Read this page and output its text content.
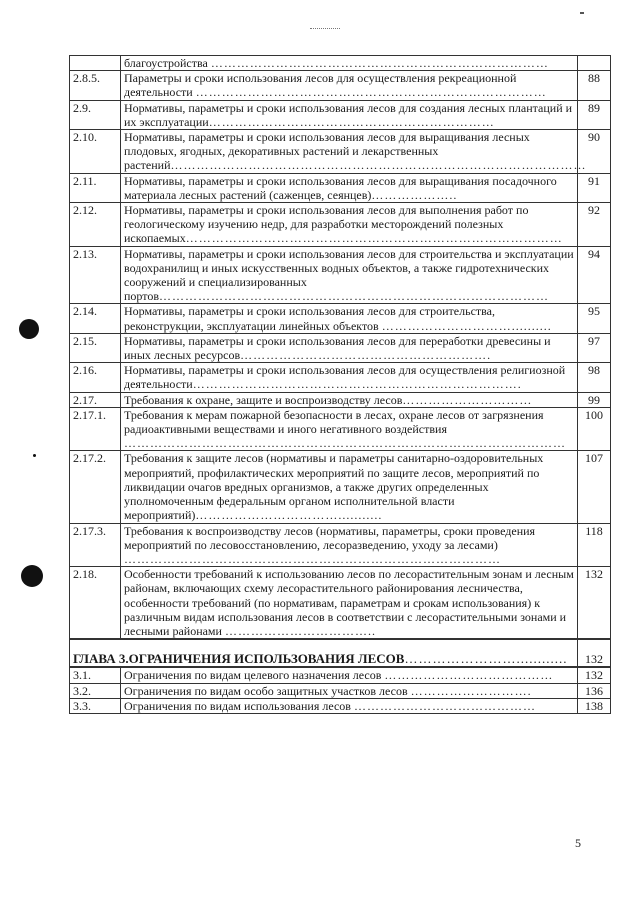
	благоустройства ……………………………………………………………………	
2.8.5.	Параметры и сроки использования лесов для осуществления рекреационной деятельности ………………………………………………………………………	88
2.9.	Нормативы, параметры и сроки использования лесов для создания лесных плантаций и их эксплуатации…………………………………………………………	89
2.10.	Нормативы, параметры и сроки использования лесов для выращивания лесных плодовых, ягодных, декоративных растений и лекарственных растений……………………………………………………………………………………	90
2.11.	Нормативы, параметры и сроки использования лесов для выращивания посадочного материала лесных растений (саженцев, сеянцев)………………..	91
2.12.	Нормативы, параметры и сроки использования лесов для выполнения работ по геологическому изучению недр, для разработки месторождений полезных ископаемых……………………………………………………………………………	92
2.13.	Нормативы, параметры и сроки использования лесов для строительства и эксплуатации водохранилищ и иных искусственных водных объектов, а также гидротехнических сооружений и специализированных портов………………………………………………………………………………	94
2.14.	Нормативы, параметры и сроки использования лесов для строительства, реконструкции, эксплуатации линейных объектов …………………………..........	95
2.15.	Нормативы, параметры и сроки использования лесов для переработки древесины и иных лесных ресурсов………………………………………………….	97
2.16.	Нормативы, параметры и сроки использования лесов для осуществления религиозной деятельности………………………………………………………………….	98
2.17.	Требования к охране, защите и воспроизводству лесов…………………………	99
2.17.1.	Требования к мерам пожарной безопасности в лесах, охране лесов от загрязнения радиоактивными веществами и иного негативного воздействия …………………………………………………………………………………………	100
2.17.2.	Требования к защите лесов (нормативы и параметры санитарно-оздоровительных мероприятий, профилактических мероприятий по защите лесов, мероприятий по ликвидации очагов вредных организмов, а также других определенных уполномоченным федеральным органом исполнительной власти мероприятий)……………………………...........	107
2.17.3.	Требования к воспроизводству лесов (нормативы, параметры, сроки проведения мероприятий по лесовосстановлению, лесоразведению, уходу за лесами) ……………………………………………………………………………	118
2.18.	Особенности требований к использованию лесов по лесорастительным зонам и лесным районам, включающих схему лесорастительного районирования лесничества, особенности требований (по нормативам, параметрам и срокам использования) к различным видам использования лесов в соответствии с лесорастительными зонами и лесными районами ……………………………..	132
ГЛАВА 3.ОГРАНИЧЕНИЯ ИСПОЛЬЗОВАНИЯ ЛЕСОВ……………………............		132
3.1.	Ограничения по видам целевого назначения лесов …………………………………	132
3.2.	Ограничения по видам особо защитных участков лесов ……………………….	136
3.3.	Ограничения по видам использования лесов ……………………………………	138
5
